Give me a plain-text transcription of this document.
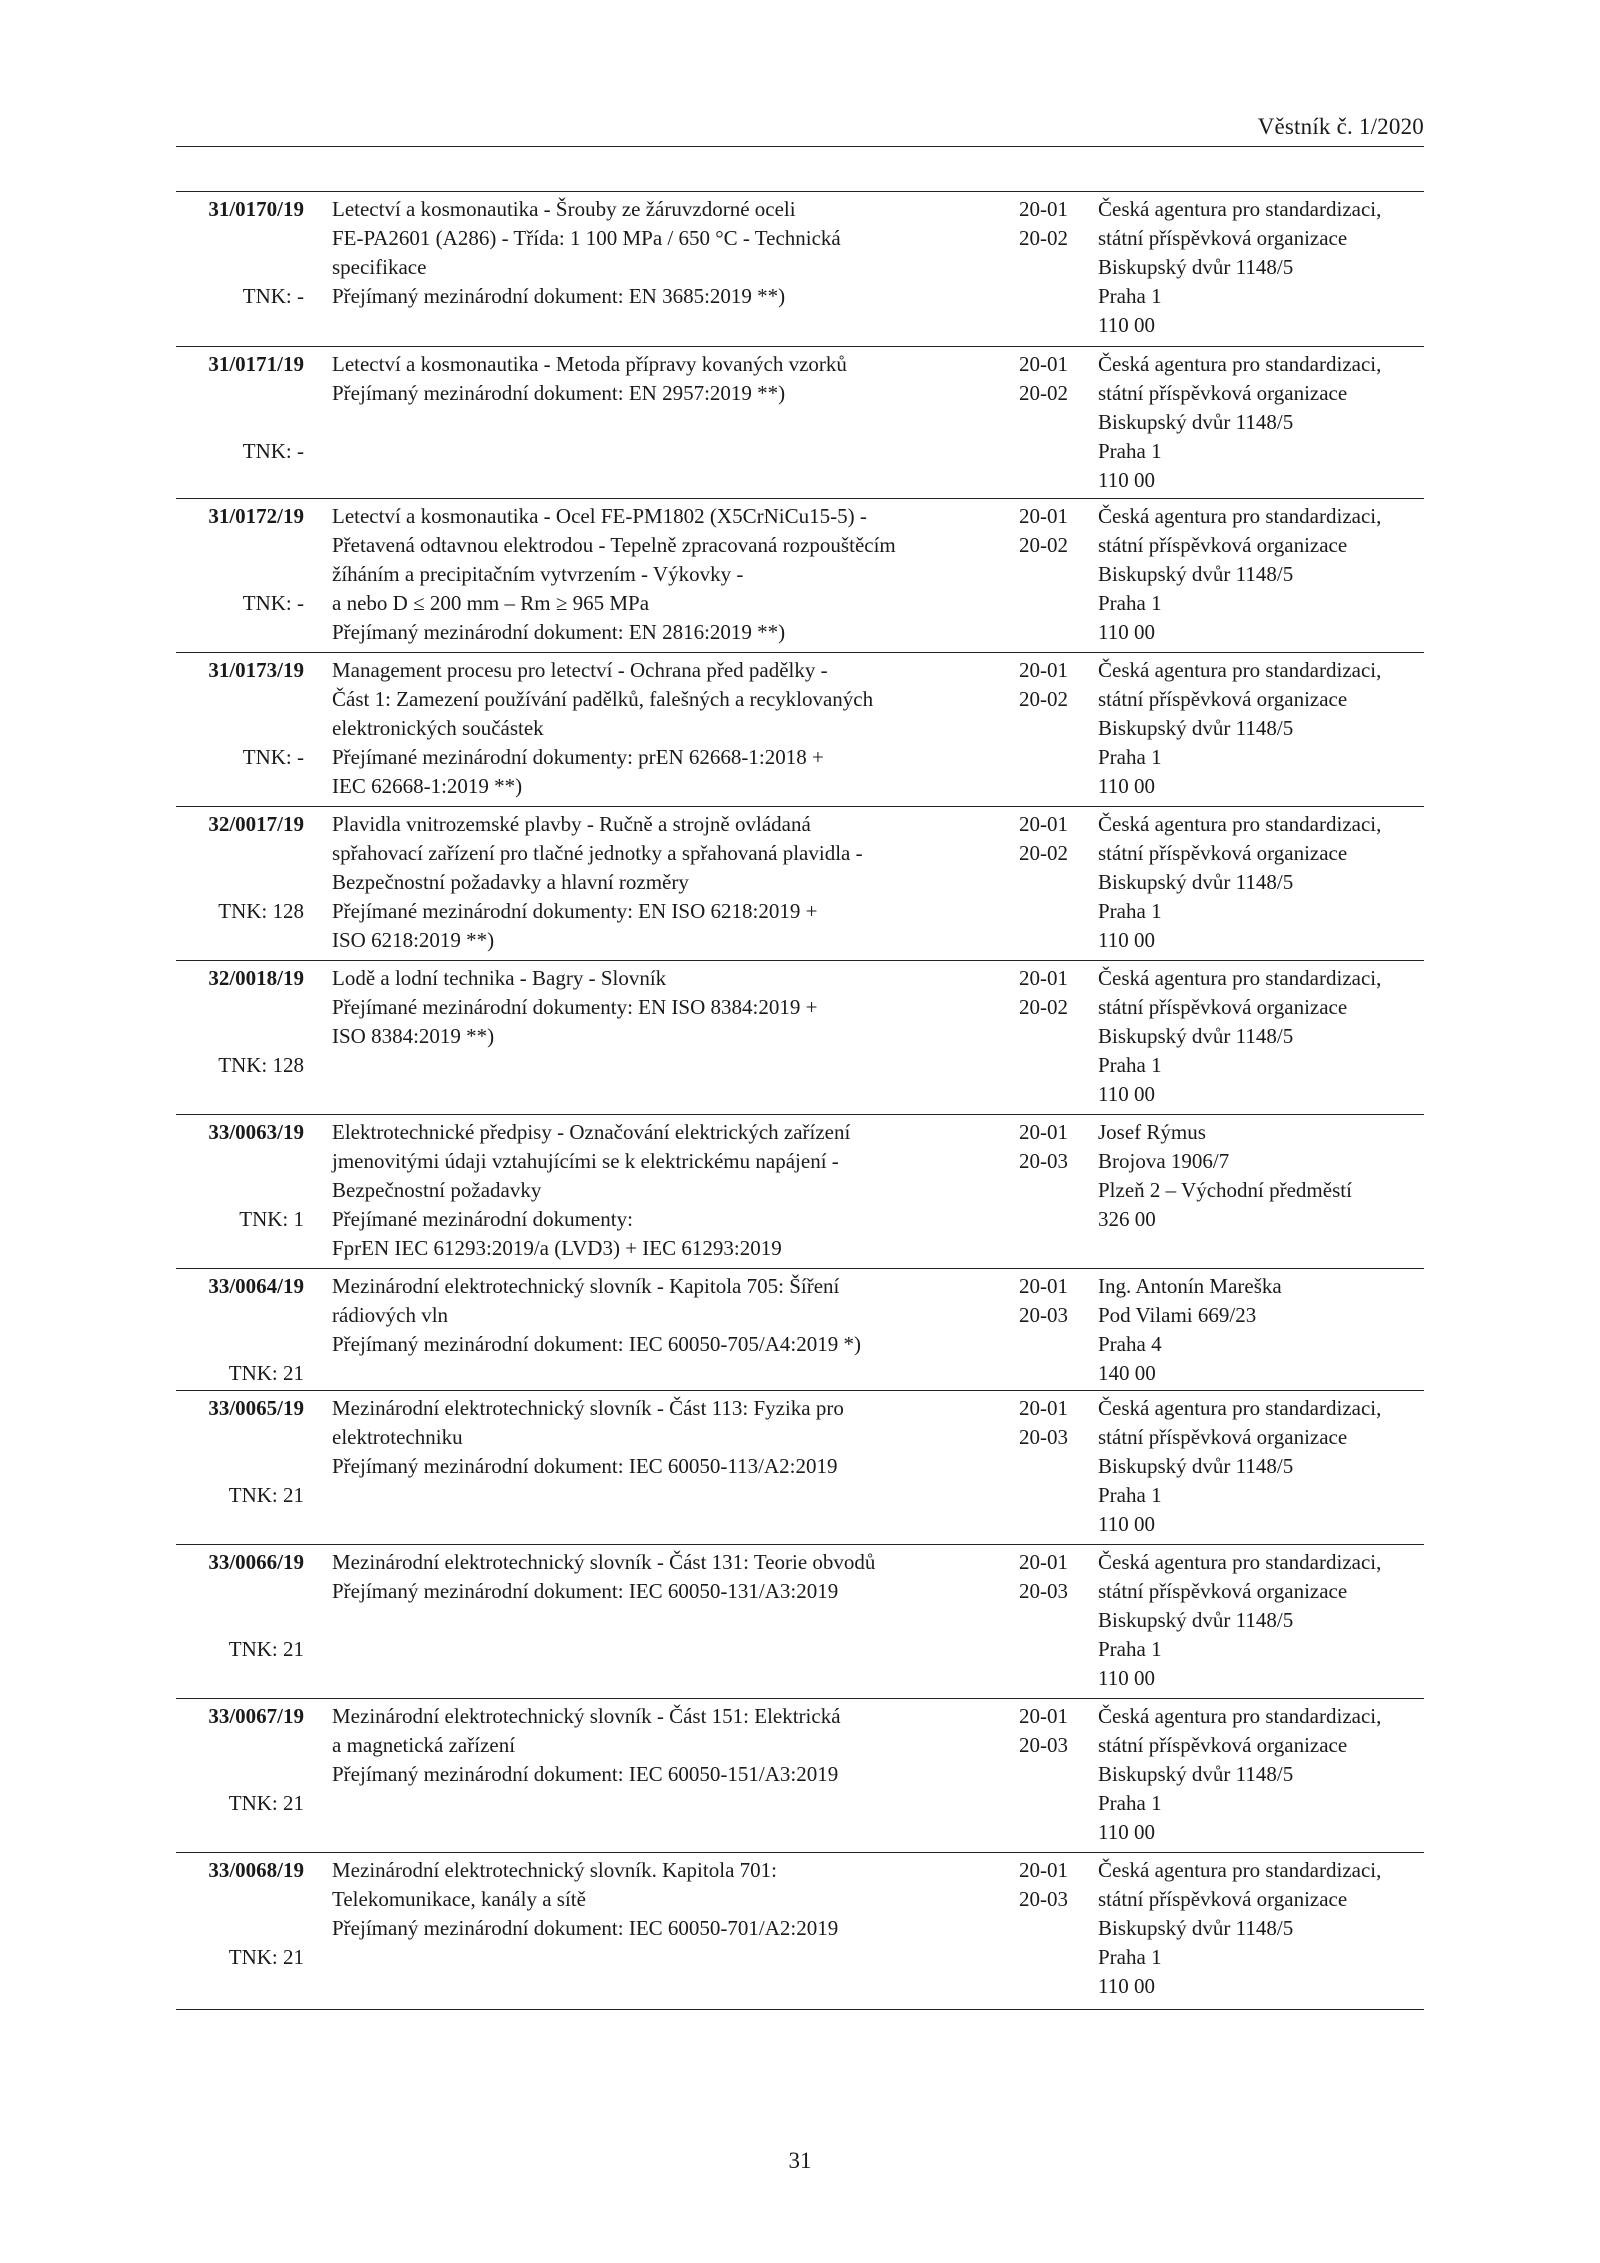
Věstník č. 1/2020
31/0170/19
TNK: -
Letectví a kosmonautika - Šrouby ze žáruvzdorné oceli
FE-PA2601 (A286) - Třída: 1 100 MPa / 650 °C - Technická
specifikace
Přejímaný mezinárodní dokument: EN 3685:2019 **)
20-01
20-02
Česká agentura pro standardizaci,
státní příspěvková organizace
Biskupský dvůr 1148/5
Praha 1
110 00
31/0171/19
TNK: -
Letectví a kosmonautika - Metoda přípravy kovaných vzorků
Přejímaný mezinárodní dokument: EN 2957:2019 **)
20-01
20-02
Česká agentura pro standardizaci,
státní příspěvková organizace
Biskupský dvůr 1148/5
Praha 1
110 00
31/0172/19
TNK: -
Letectví a kosmonautika - Ocel FE-PM1802 (X5CrNiCu15-5) -
Přetavená odtavnou elektrodou - Tepelně zpracovaná rozpouštěcím
žíháním a precipitačním vytvrzením - Výkovky -
a nebo D ≤ 200 mm – Rm ≥ 965 MPa
Přejímaný mezinárodní dokument: EN 2816:2019 **)
20-01
20-02
Česká agentura pro standardizaci,
státní příspěvková organizace
Biskupský dvůr 1148/5
Praha 1
110 00
31/0173/19
TNK: -
Management procesu pro letectví - Ochrana před padělky -
Část 1: Zamezení používání padělků, falešných a recyklovaných
elektronických součástek
Přejímané mezinárodní dokumenty: prEN 62668-1:2018 +
IEC 62668-1:2019 **)
20-01
20-02
Česká agentura pro standardizaci,
státní příspěvková organizace
Biskupský dvůr 1148/5
Praha 1
110 00
32/0017/19
TNK: 128
Plavidla vnitrozemské plavby - Ručně a strojně ovládaná
spřahovací zařízení pro tlačné jednotky a spřahovaná plavidla -
Bezpečnostní požadavky a hlavní rozměry
Přejímané mezinárodní dokumenty: EN ISO 6218:2019 +
ISO 6218:2019 **)
20-01
20-02
Česká agentura pro standardizaci,
státní příspěvková organizace
Biskupský dvůr 1148/5
Praha 1
110 00
32/0018/19
TNK: 128
Lodě a lodní technika - Bagry - Slovník
Přejímané mezinárodní dokumenty: EN ISO 8384:2019 +
ISO 8384:2019 **)
20-01
20-02
Česká agentura pro standardizaci,
státní příspěvková organizace
Biskupský dvůr 1148/5
Praha 1
110 00
33/0063/19
TNK: 1
Elektrotechnické předpisy - Označování elektrických zařízení
jmenovitými údaji vztahujícími se k elektrickému napájení -
Bezpečnostní požadavky
Přejímané mezinárodní dokumenty:
FprEN IEC 61293:2019/a (LVD3) + IEC 61293:2019
20-01
20-03
Josef Rýmus
Brojova 1906/7
Plzeň 2 – Východní předměstí
326 00
33/0064/19
TNK: 21
Mezinárodní elektrotechnický slovník - Kapitola 705: Šíření
rádiových vln
Přejímaný mezinárodní dokument: IEC 60050-705/A4:2019 *)
20-01
20-03
Ing. Antonín Mareška
Pod Vilami 669/23
Praha 4
140 00
33/0065/19
TNK: 21
Mezinárodní elektrotechnický slovník - Část 113: Fyzika pro
elektrotechniku
Přejímaný mezinárodní dokument: IEC 60050-113/A2:2019
20-01
20-03
Česká agentura pro standardizaci,
státní příspěvková organizace
Biskupský dvůr 1148/5
Praha 1
110 00
33/0066/19
TNK: 21
Mezinárodní elektrotechnický slovník - Část 131: Teorie obvodů
Přejímaný mezinárodní dokument: IEC 60050-131/A3:2019
20-01
20-03
Česká agentura pro standardizaci,
státní příspěvková organizace
Biskupský dvůr 1148/5
Praha 1
110 00
33/0067/19
TNK: 21
Mezinárodní elektrotechnický slovník - Část 151: Elektrická
a magnetická zařízení
Přejímaný mezinárodní dokument: IEC 60050-151/A3:2019
20-01
20-03
Česká agentura pro standardizaci,
státní příspěvková organizace
Biskupský dvůr 1148/5
Praha 1
110 00
33/0068/19
TNK: 21
Mezinárodní elektrotechnický slovník. Kapitola 701:
Telekomunikace, kanály a sítě
Přejímaný mezinárodní dokument: IEC 60050-701/A2:2019
20-01
20-03
Česká agentura pro standardizaci,
státní příspěvková organizace
Biskupský dvůr 1148/5
Praha 1
110 00
31
